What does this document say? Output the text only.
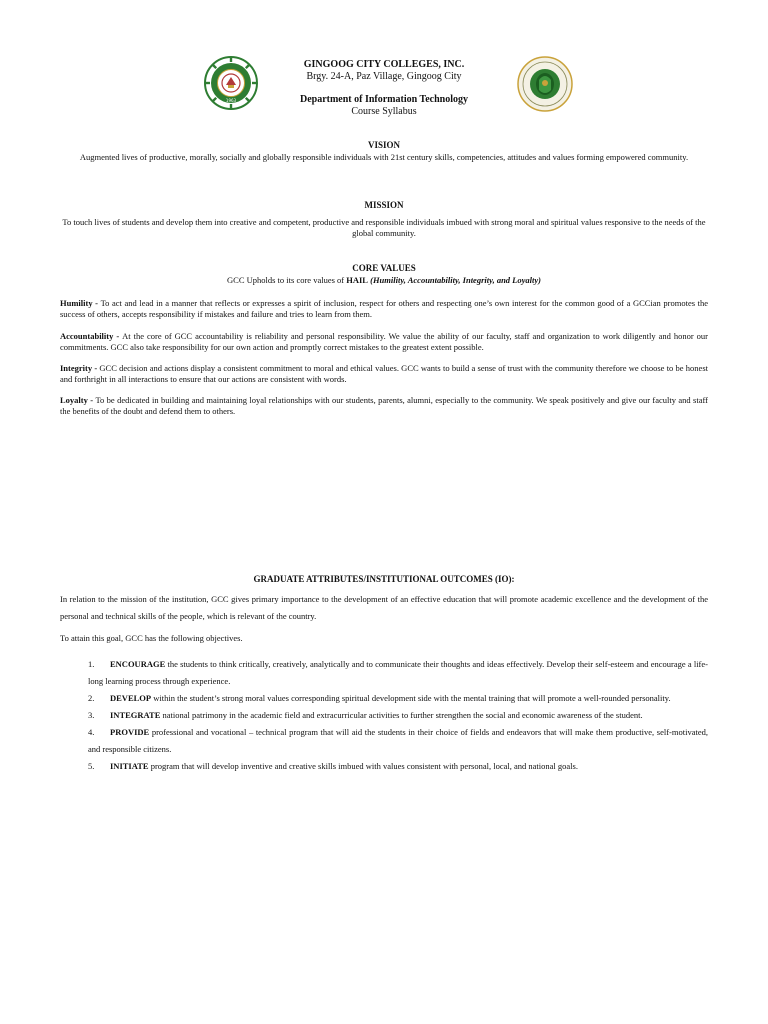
1963
GINGOOG CITY COLLEGES, INC.
Brgy. 24-A, Paz Village, Gingoog City
Department of Information Technology
Course Syllabus
VISION
Augmented lives of productive, morally, socially and globally responsible individuals with 21st century skills, competencies, attitudes and values forming empowered community.
MISSION
To touch lives of students and develop them into creative and competent, productive and responsible individuals imbued with strong moral and spiritual values responsive to the needs of the global community.
CORE VALUES
GCC Upholds to its core values of HAIL (Humility, Accountability, Integrity, and Loyalty)
Humility - To act and lead in a manner that reflects or expresses a spirit of inclusion, respect for others and respecting one’s own interest for the common good of a GCCian promotes the success of others, accepts responsibility if mistakes and failure and tries to learn from them.
Accountability - At the core of GCC accountability is reliability and personal responsibility. We value the ability of our faculty, staff and organization to work diligently and honor our commitments. GCC also take responsibility for our own action and promptly correct mistakes to the greatest extent possible.
Integrity - GCC decision and actions display a consistent commitment to moral and ethical values. GCC wants to build a sense of trust with the community therefore we choose to be honest and forthright in all interactions to ensure that our actions are consistent with words.
Loyalty - To be dedicated in building and maintaining loyal relationships with our students, parents, alumni, especially to the community. We speak positively and give our faculty and staff the benefits of the doubt and defend them to others.
GRADUATE ATTRIBUTES/INSTITUTIONAL OUTCOMES (IO):
In relation to the mission of the institution, GCC gives primary importance to the development of an effective education that will promote academic excellence and the development of the personal and technical skills of the people, which is relevant of the country.
To attain this goal, GCC has the following objectives.
1. ENCOURAGE the students to think critically, creatively, analytically and to communicate their thoughts and ideas effectively. Develop their self-esteem and encourage a life-long learning process through experience.
2. DEVELOP within the student’s strong moral values corresponding spiritual development side with the mental training that will promote a well-rounded personality.
3. INTEGRATE national patrimony in the academic field and extracurricular activities to further strengthen the social and economic awareness of the student.
4. PROVIDE professional and vocational – technical program that will aid the students in their choice of fields and endeavors that will make them productive, self-motivated, and responsible citizens.
5. INITIATE program that will develop inventive and creative skills imbued with values consistent with personal, local, and national goals.
